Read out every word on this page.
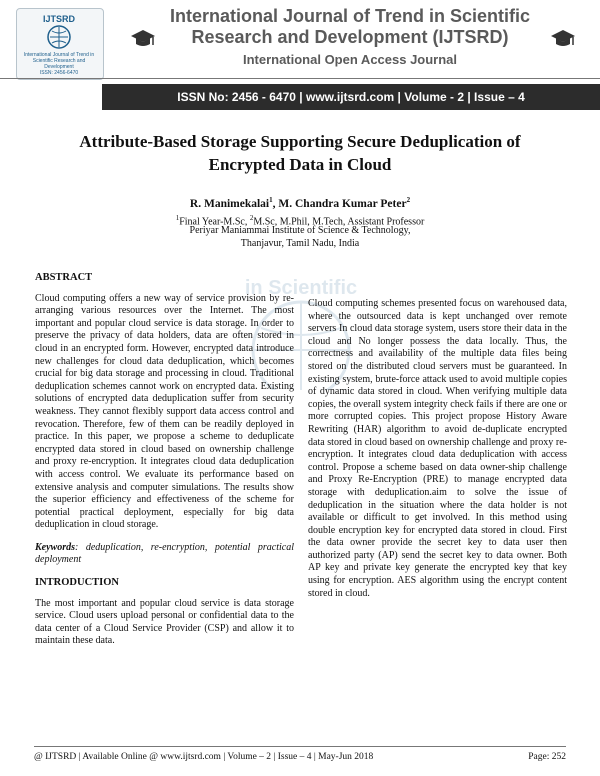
IJTSRD
International Journal of Trend in Scientific Research and Development
ISSN: 2456-6470
International Journal of Trend in Scientific
Research and Development (IJTSRD)
International Open Access Journal
ISSN No: 2456 - 6470 | www.ijtsrd.com | Volume - 2 | Issue – 4
Attribute-Based Storage Supporting Secure Deduplication of
Encrypted Data in Cloud
R. Manimekalai$^1$, M. Chandra Kumar Peter$^2$
$^1$Final Year-M.Sc, $^2$M.Sc, M.Phil, M.Tech, Assistant Professor
Periyar Maniammai Institute of Science & Technology,
Thanjavur, Tamil Nadu, India
in Scientific
ABSTRACT
Cloud computing offers a new way of service provision by re-arranging various resources over the Internet. The most important and popular cloud service is data storage. In order to preserve the privacy of data holders, data are often stored in cloud in an encrypted form. However, encrypted data introduce new challenges for cloud data deduplication, which becomes crucial for big data storage and processing in cloud. Traditional deduplication schemes cannot work on encrypted data. Existing solutions of encrypted data deduplication suffer from security weakness. They cannot flexibly support data access control and revocation. Therefore, few of them can be readily deployed in practice. In this paper, we propose a scheme to deduplicate encrypted data stored in cloud based on ownership challenge and proxy re-encryption. It integrates cloud data deduplication with access control. We evaluate its performance based on extensive analysis and computer simulations. The results show the superior efficiency and effectiveness of the scheme for potential practical deployment, especially for big data deduplication in cloud storage.
Keywords: deduplication, re-encryption, potential practical deployment
INTRODUCTION
The most important and popular cloud service is data storage service. Cloud users upload personal or confidential data to the data center of a Cloud Service Provider (CSP) and allow it to maintain these data.
Cloud computing schemes presented focus on warehoused data, where the outsourced data is kept unchanged over remote servers In cloud data storage system, users store their data in the cloud and No longer possess the data locally. Thus, the correctness and availability of the multiple data files being stored on the distributed cloud servers must be guaranteed. In existing system, brute-force attack used to avoid multiple copies of dynamic data stored in cloud. When verifying multiple data copies, the overall system integrity check fails if there are one or more corrupted copies. This project propose History Aware Rewriting (HAR) algorithm to avoid de-duplicate encrypted data stored in cloud based on ownership challenge and proxy re-encryption. It integrates cloud data deduplication with access control. Propose a scheme based on data owner-ship challenge and Proxy Re-Encryption (PRE) to manage encrypted data storage with deduplication.aim to solve the issue of deduplication in the situation where the data holder is not available or difficult to get involved. In this method using double encryption key for encrypted data stored in cloud. First the data owner provide the secret key to data user then authorized party (AP) send the secret key to data owner. Both AP key and private key generate the encrypted key that key using for encryption. AES algorithm using the encrypt content stored in cloud.
@ IJTSRD | Available Online @ www.ijtsrd.com | Volume – 2 | Issue – 4 | May-Jun 2018	Page: 252
